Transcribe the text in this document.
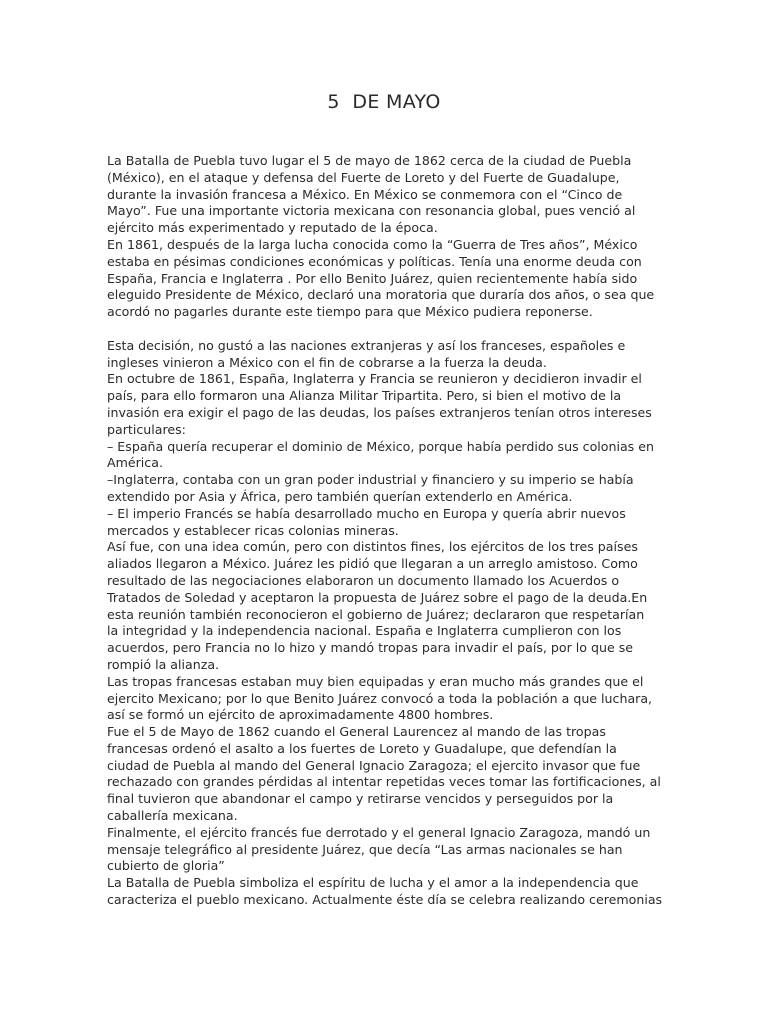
5  DE MAYO
La Batalla de Puebla tuvo lugar el 5 de mayo de 1862 cerca de la ciudad de Puebla
(México), en el ataque y defensa del Fuerte de Loreto y del Fuerte de Guadalupe,
durante la invasión francesa a México. En México se conmemora con el “Cinco de
Mayo”. Fue una importante victoria mexicana con resonancia global, pues venció al
ejército más experimentado y reputado de la época.
En 1861, después de la larga lucha conocida como la “Guerra de Tres años”, México
estaba en pésimas condiciones económicas y políticas. Tenía una enorme deuda con
España, Francia e Inglaterra . Por ello Benito Juárez, quien recientemente había sido
eleguido Presidente de México, declaró una moratoria que duraría dos años, o sea que
acordó no pagarles durante este tiempo para que México pudiera reponerse.
Esta decisión, no gustó a las naciones extranjeras y así los franceses, españoles e
ingleses vinieron a México con el fin de cobrarse a la fuerza la deuda.
En octubre de 1861, España, Inglaterra y Francia se reunieron y decidieron invadir el
país, para ello formaron una Alianza Militar Tripartita. Pero, si bien el motivo de la
invasión era exigir el pago de las deudas, los países extranjeros tenían otros intereses
particulares:
– España quería recuperar el dominio de México, porque había perdido sus colonias en
América.
–Inglaterra, contaba con un gran poder industrial y financiero y su imperio se había
extendido por Asia y África, pero también querían extenderlo en América.
– El imperio Francés se había desarrollado mucho en Europa y quería abrir nuevos
mercados y establecer ricas colonias mineras.
Así fue, con una idea común, pero con distintos fines, los ejércitos de los tres países
aliados llegaron a México. Juárez les pidió que llegaran a un arreglo amistoso. Como
resultado de las negociaciones elaboraron un documento llamado los Acuerdos o
Tratados de Soledad y aceptaron la propuesta de Juárez sobre el pago de la deuda.En
esta reunión también reconocieron el gobierno de Juárez; declararon que respetarían
la integridad y la independencia nacional. España e Inglaterra cumplieron con los
acuerdos, pero Francia no lo hizo y mandó tropas para invadir el país, por lo que se
rompió la alianza.
Las tropas francesas estaban muy bien equipadas y eran mucho más grandes que el
ejercito Mexicano; por lo que Benito Juárez convocó a toda la población a que luchara,
así se formó un ejército de aproximadamente 4800 hombres.
Fue el 5 de Mayo de 1862 cuando el General Laurencez al mando de las tropas
francesas ordenó el asalto a los fuertes de Loreto y Guadalupe, que defendían la
ciudad de Puebla al mando del General Ignacio Zaragoza; el ejercito invasor que fue
rechazado con grandes pérdidas al intentar repetidas veces tomar las fortificaciones, al
final tuvieron que abandonar el campo y retirarse vencidos y perseguidos por la
caballería mexicana.
Finalmente, el ejército francés fue derrotado y el general Ignacio Zaragoza, mandó un
mensaje telegráfico al presidente Juárez, que decía “Las armas nacionales se han
cubierto de gloria”
La Batalla de Puebla simboliza el espíritu de lucha y el amor a la independencia que
caracteriza el pueblo mexicano. Actualmente éste día se celebra realizando ceremonias
